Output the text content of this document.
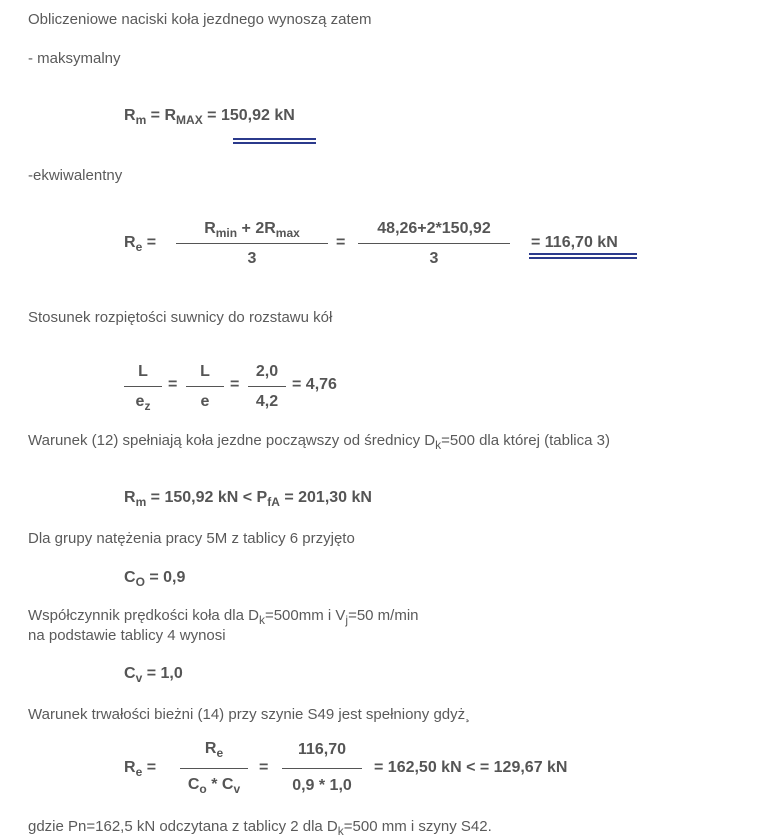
Obliczeniowe naciski koła jezdnego wynoszą zatem
- maksymalny
$R_m = R_{MAX} = 150,92$ kN
-ekwiwalentny
$R_e$ =
$R_{min} + 2R_{max}$
3
=
48,26+2*150,92
3
= 116,70 kN
Stosunek rozpiętości suwnicy do rozstawu kół
L
$e_z$
=
L
e
=
2,0
4,2
= 4,76
Warunek (12) spełniają koła jezdne począwszy od średnicy $D_k=500$ dla której (tablica 3)
$R_m = 150,92$ kN < $P_{fA} = 201,30$ kN
Dla grupy natężenia pracy 5M z tablicy 6 przyjęto
$C_O = 0,9$
Współczynnik prędkości koła dla $D_k=500mm$ i $V_j=50$ m/min
na podstawie tablicy 4 wynosi
$C_v = 1,0$
Warunek trwałości bieżni (14) przy szynie S49 jest spełniony gdyż¸
$R_e$ =
$R_e$
$C_o * C_v$
=
116,70
0,9 * 1,0
= 162,50 kN < = 129,67 kN
gdzie Pn=162,5 kN odczytana z tablicy 2 dla $D_k=500$ mm i szyny S42.
